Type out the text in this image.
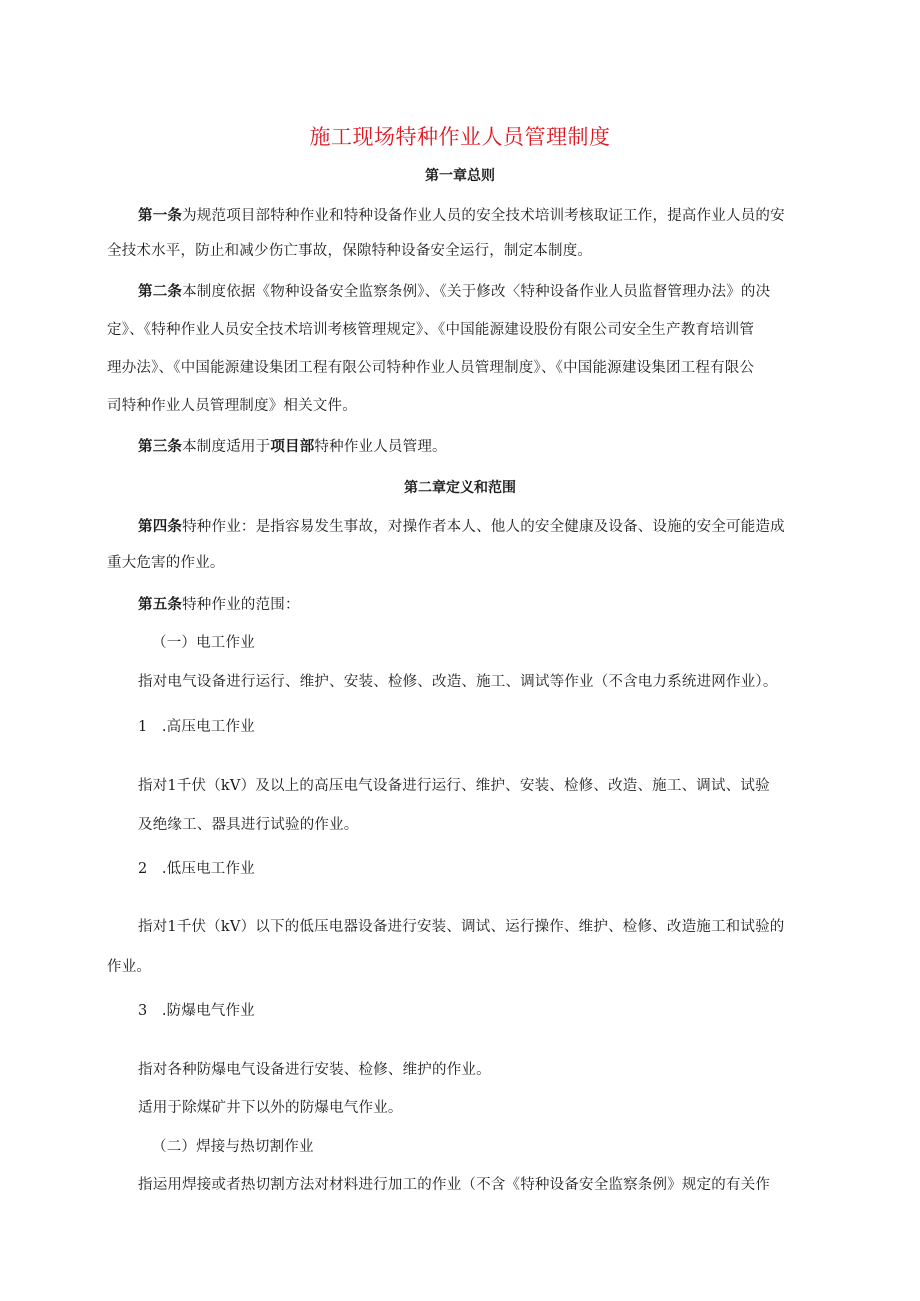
施工现场特种作业人员管理制度
第一章总则
第一条为规范项目部特种作业和特种设备作业人员的安全技术培训考核取证工作，提高作业人员的安
全技术水平，防止和减少伤亡事故，保隙特种设备安全运行，制定本制度。
第二条本制度依据《物种设备安全监察条例》、《关于修改〈特种设备作业人员监督管理办法》的决
定》、《特种作业人员安全技术培训考核管理规定》、《中国能源建设股份有限公司安全生产教育培训管
理办法》、《中国能源建设集团工程有限公司特种作业人员管理制度》、《中国能源建设集团工程有限公
司特种作业人员管理制度》相关文件。
第三条本制度适用于项目部特种作业人员管理。
第二章定义和范围
第四条特种作业：是指容易发生事故，对操作者本人、他人的安全健康及设备、设施的安全可能造成
重大危害的作业。
第五条特种作业的范围：
（一）电工作业
指对电气设备进行运行、维护、安装、检修、改造、施工、调试等作业（不含电力系统进网作业）。
1 .高压电工作业
指对1千伏（kV）及以上的高压电气设备进行运行、维护、安装、检修、改造、施工、调试、试验
及绝缘工、器具进行试验的作业。
2 .低压电工作业
指对1千伏（kV）以下的低压电器设备进行安装、调试、运行操作、维护、检修、改造施工和试验的
作业。
3 .防爆电气作业
指对各种防爆电气设备进行安装、检修、维护的作业。
适用于除煤矿井下以外的防爆电气作业。
（二）焊接与热切割作业
指运用焊接或者热切割方法对材料进行加工的作业（不含《特种设备安全监察条例》规定的有关作
